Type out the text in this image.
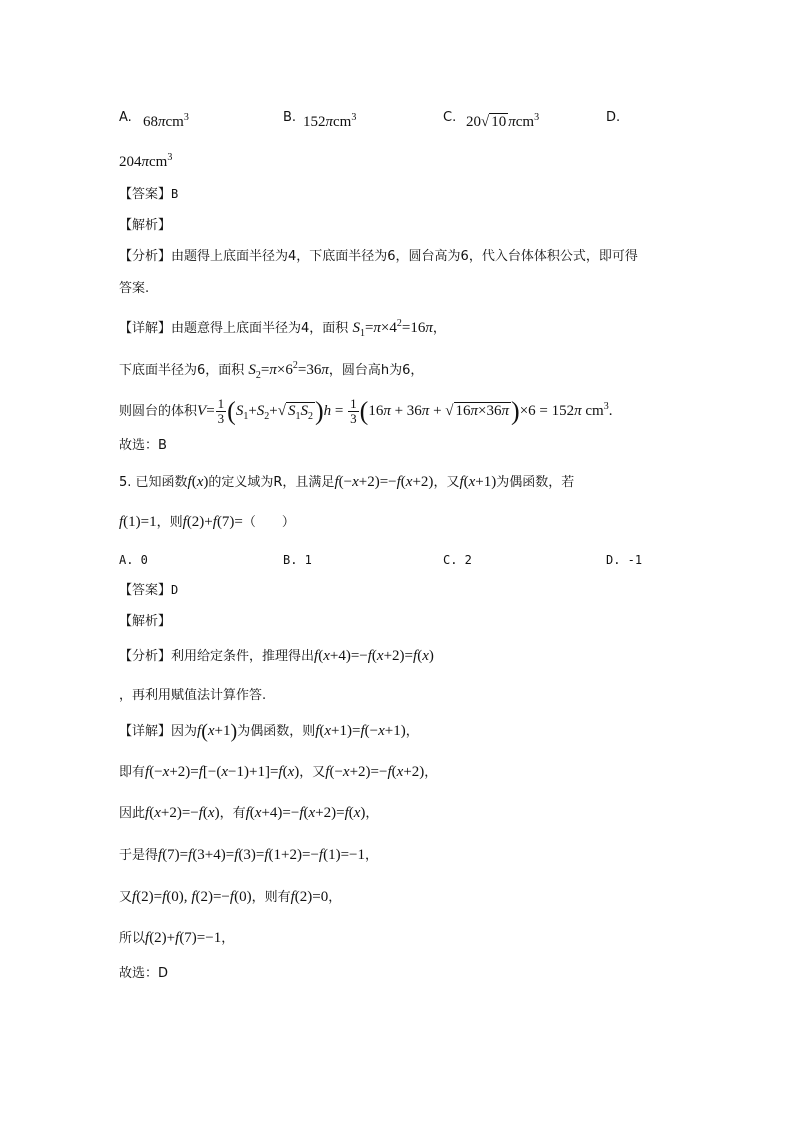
A. 68πcm$^3$	B. 152πcm$^3$	C. 20√ 10 πcm$^3$	D.
204πcm$^3$
【答案】B
【解析】
【分析】由题得上底面半径为4，下底面半径为6，圆台高为6，代入台体体积公式，即可得
答案.
【详解】由题意得上底面半径为4，面积 $S_1=\pi\times 4^2=16\pi$，
下底面半径为6，面积 $S_2=\pi\times 6^2=36\pi$，圆台高h为6，
则圆台的体积$V= \frac{1}{3} (S_1+S_2+√$ $S_1S_2)h = \frac{1}{3} (16\pi + 36\pi$ + √ 16π×36π)×6 = 152π $cm^3$.
故选：B
5. 已知函数f(x)的定义域为R，且满足f(−x+2)=−f(x+2)，又f(x+1)为偶函数，若
f(1)=1，则f(2)+f(7)=（　　）
A. 0	B. 1	C. 2	D. -1
【答案】D
【解析】
【分析】利用给定条件，推理得出f(x+4)=−f(x+2)=f(x)
，再利用赋值法计算作答.
【详解】因为f(x+1)为偶函数，则f(x+1)=f(−x+1)，
即有f(−x+2)=f[−(x−1)+1]=f(x)，又f(−x+2)=−f(x+2)，
因此f(x+2)=−f(x)，有f(x+4)=−f(x+2)=f(x)，
于是得f(7)=f(3+4)=f(3)=f(1+2)=−f(1)=−1，
又f(2)=f(0), f(2)=−f(0)，则有f(2)=0，
所以f(2)+f(7)=−1，
故选：D
